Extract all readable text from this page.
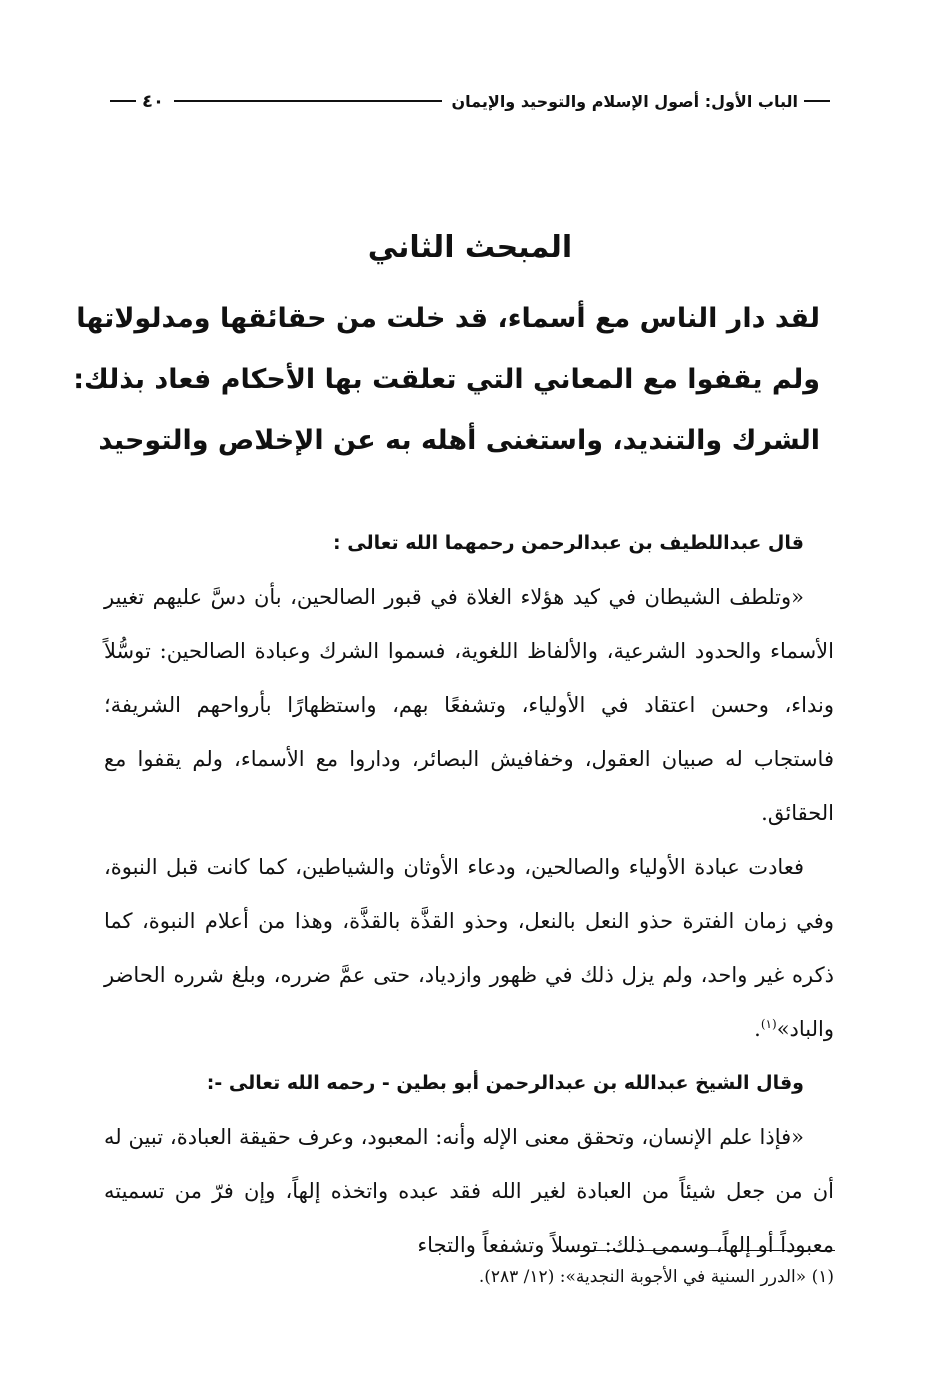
الباب الأول: أصول الإسلام والتوحيد والإيمان
٤٠
المبحث الثاني
لقد دار الناس مع أسماء، قد خلت من حقائقها ومدلولاتها
ولم يقفوا مع المعاني التي تعلقت بها الأحكام فعاد بذلك:
الشرك والتنديد، واستغنى أهله به عن الإخلاص والتوحيد

قال عبداللطيف بن عبدالرحمن رحمهما الله تعالى :

«وتلطف الشيطان في كيد هؤلاء الغلاة في قبور الصالحين، بأن دسَّ عليهم تغيير الأسماء والحدود الشرعية، والألفاظ اللغوية، فسموا الشرك وعبادة الصالحين: توسُّلاً ونداء، وحسن اعتقاد في الأولياء، وتشفعًا بهم، واستظهارًا بأرواحهم الشريفة؛ فاستجاب له صبيان العقول، وخفافيش البصائر، وداروا مع الأسماء، ولم يقفوا مع الحقائق.

فعادت عبادة الأولياء والصالحين، ودعاء الأوثان والشياطين، كما كانت قبل النبوة، وفي زمان الفترة حذو النعل بالنعل، وحذو القذَّة بالقذَّة، وهذا من أعلام النبوة، كما ذكره غير واحد، ولم يزل ذلك في ظهور وازدياد، حتى عمَّ ضرره، وبلغ شرره الحاضر والباد»$^{(١)}$.

وقال الشيخ عبدالله بن عبدالرحمن أبو بطين - رحمه الله تعالى -:

«فإذا علم الإنسان، وتحقق معنى الإله وأنه: المعبود، وعرف حقيقة العبادة، تبين له أن من جعل شيئاً من العبادة لغير الله فقد عبده واتخذه إلهاً، وإن فرّ من تسميته معبوداً أو إلهاً، وسمى ذلك: توسلاً وتشفعاً والتجاء

(١) «الدرر السنية في الأجوبة النجدية»: (١٢/ ٢٨٣).
